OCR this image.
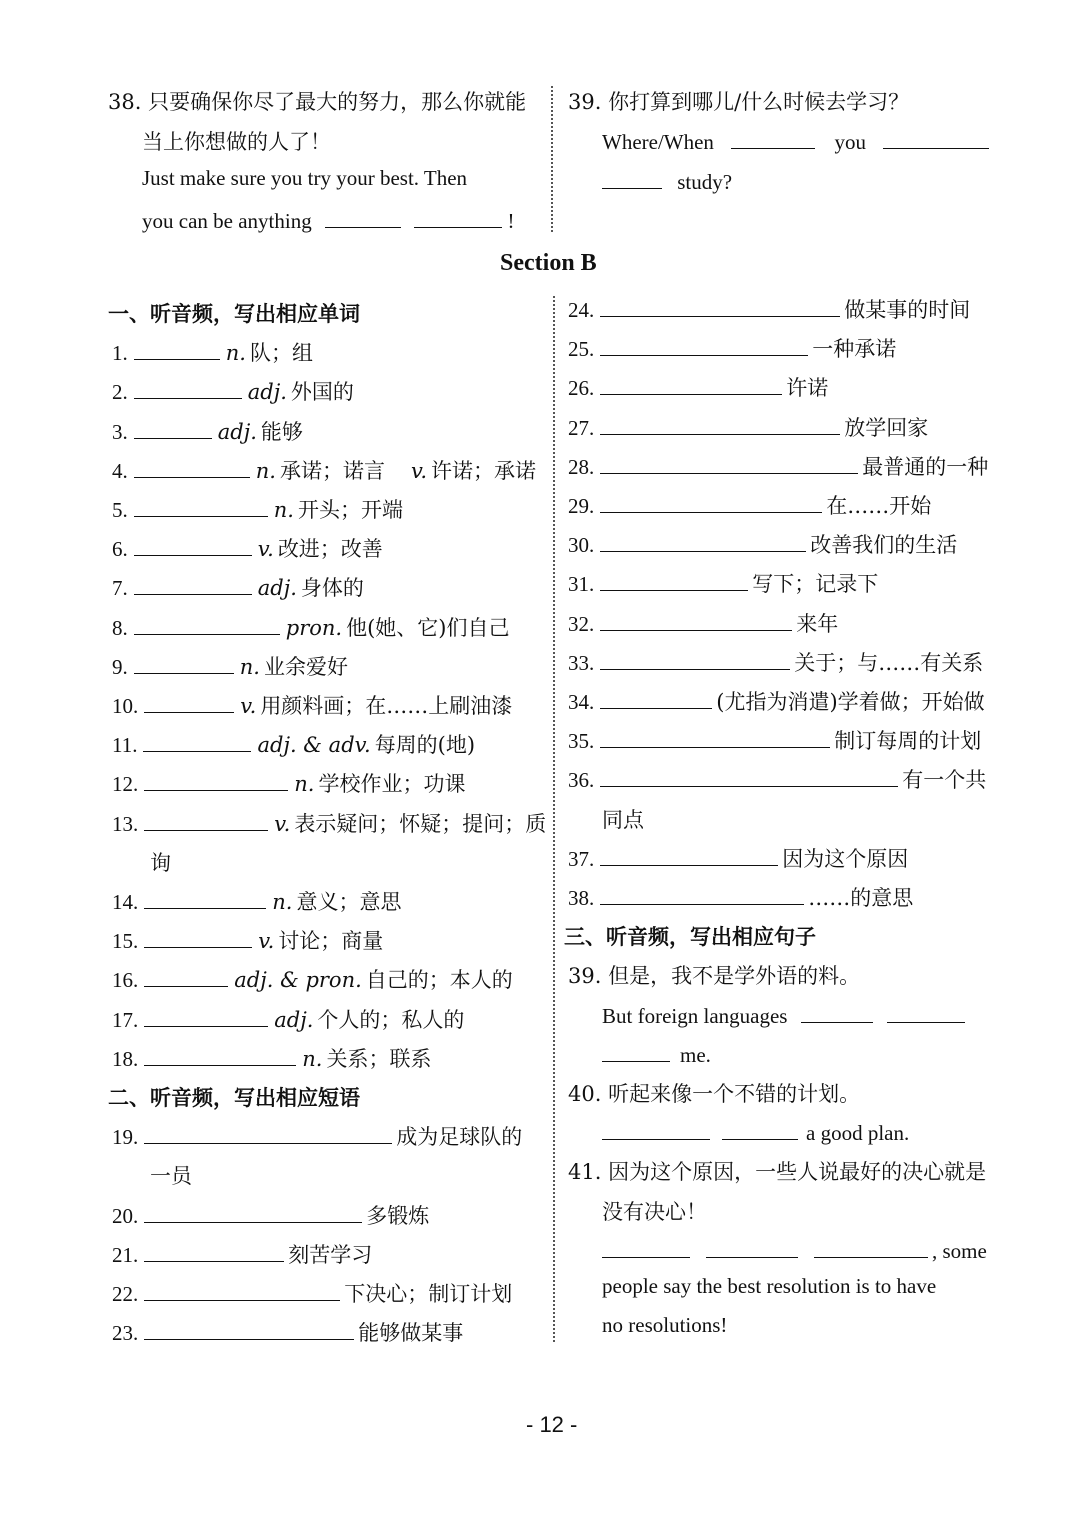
38. 只要确保你尽了最大的努力，那么你就能
当上你想做的人了！
Just make sure you try your best. Then
you can be anything	!
39. 你打算到哪儿/什么时候去学习？
Where/When	you
study?
Section B
一、听音频，写出相应单词
1.	n. 队；组
2.	adj. 外国的
3.	adj. 能够
4.	n. 承诺；诺言 v. 许诺；承诺
5.	n. 开头；开端
6.	v. 改进；改善
7.	adj. 身体的
8.	pron. 他(她、它)们自己
9.	n. 业余爱好
10.	v. 用颜料画；在……上刷油漆
11.	adj. & adv. 每周的(地)
12.	n. 学校作业；功课
13.	v. 表示疑问；怀疑；提问；质
询
14.	n. 意义；意思
15.	v. 讨论；商量
16.	adj. & pron. 自己的；本人的
17.	adj. 个人的；私人的
18.	n. 关系；联系
二、听音频，写出相应短语
19.	成为足球队的
一员
20.	多锻炼
21.	刻苦学习
22.	下决心；制订计划
23.	能够做某事
24.	做某事的时间
25.	一种承诺
26.	许诺
27.	放学回家
28.	最普通的一种
29.	在……开始
30.	改善我们的生活
31.	写下；记录下
32.	来年
33.	关于；与……有关系
34.	(尤指为消遣)学着做；开始做
35.	制订每周的计划
36.	有一个共
同点
37.	因为这个原因
38.	……的意思
三、听音频，写出相应句子
39. 但是，我不是学外语的料。
But foreign languages
me.
40. 听起来像一个不错的计划。
a good plan.
41. 因为这个原因，一些人说最好的决心就是
没有决心！
, some
people say the best resolution is to have
no resolutions!
- 12 -
